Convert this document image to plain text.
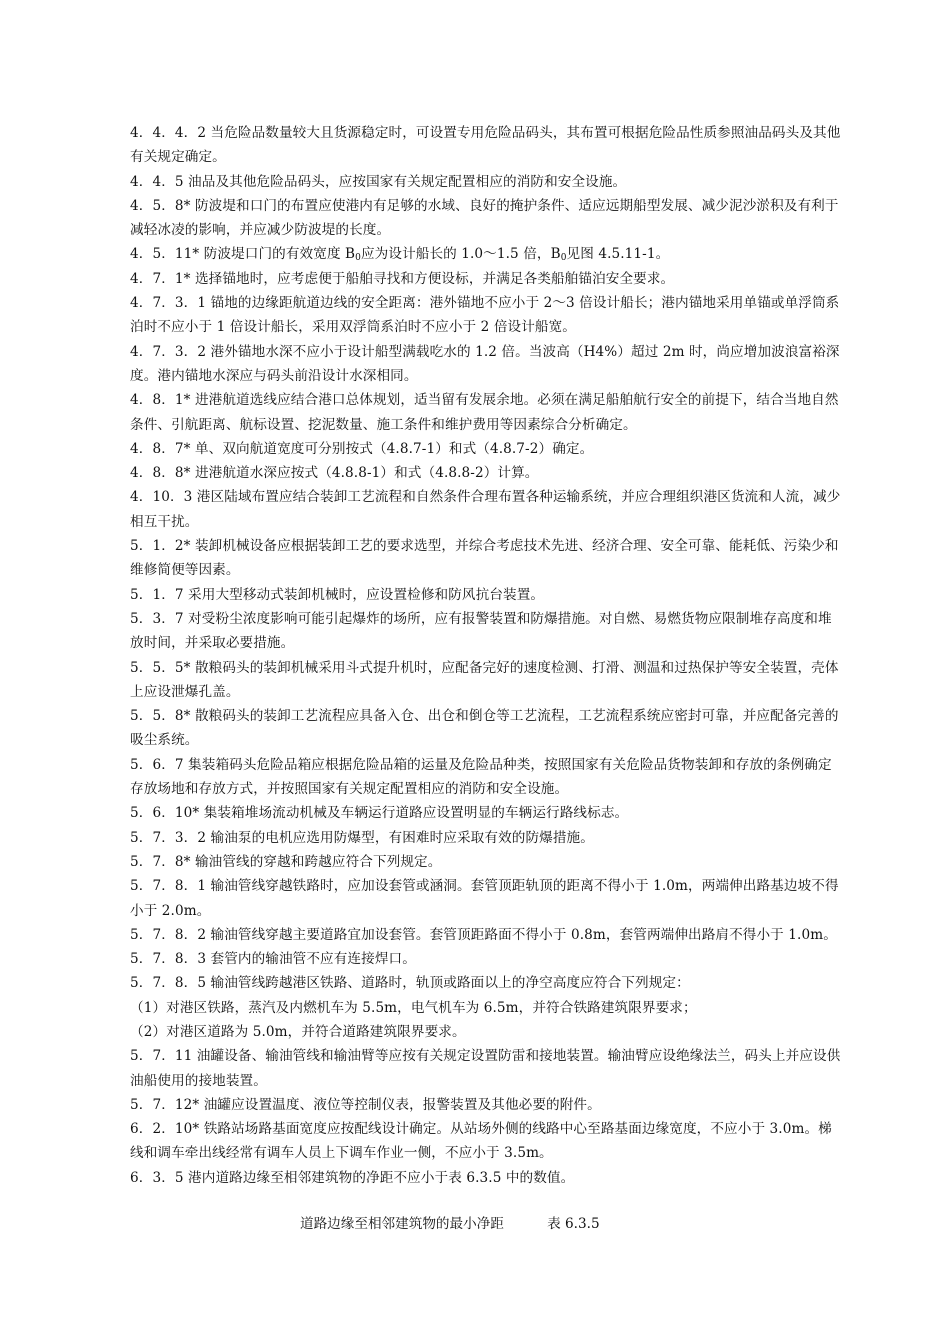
4．4．4．2 当危险品数量较大且货源稳定时，可设置专用危险品码头，其布置可根据危险品性质参照油品码头及其他有关规定确定。

4．4．5 油品及其他危险品码头，应按国家有关规定配置相应的消防和安全设施。

4．5．8* 防波堤和口门的布置应使港内有足够的水域、良好的掩护条件、适应远期船型发展、减少泥沙淤积及有利于减轻冰凌的影响，并应减少防波堤的长度。

4．5．11* 防波堤口门的有效宽度 $B_0$应为设计船长的 1.0～1.5 倍，$B_0$见图 4.5.11-1。

4．7．1* 选择锚地时，应考虑便于船舶寻找和方便设标，并满足各类船舶锚泊安全要求。

4．7．3．1 锚地的边缘距航道边线的安全距离：港外锚地不应小于 2～3 倍设计船长；港内锚地采用单锚或单浮筒系泊时不应小于 1 倍设计船长，采用双浮筒系泊时不应小于 2 倍设计船宽。

4．7．3．2 港外锚地水深不应小于设计船型满载吃水的 1.2 倍。当波高（H4%）超过 2m 时，尚应增加波浪富裕深度。港内锚地水深应与码头前沿设计水深相同。

4．8．1* 进港航道选线应结合港口总体规划，适当留有发展余地。必须在满足船舶航行安全的前提下，结合当地自然条件、引航距离、航标设置、挖泥数量、施工条件和维护费用等因素综合分析确定。

4．8．7* 单、双向航道宽度可分别按式（4.8.7-1）和式（4.8.7-2）确定。

4．8．8* 进港航道水深应按式（4.8.8-1）和式（4.8.8-2）计算。

4．10．3 港区陆域布置应结合装卸工艺流程和自然条件合理布置各种运输系统，并应合理组织港区货流和人流，减少相互干扰。

5．1．2* 装卸机械设备应根据装卸工艺的要求选型，并综合考虑技术先进、经济合理、安全可靠、能耗低、污染少和维修简便等因素。

5．1．7 采用大型移动式装卸机械时，应设置检修和防风抗台装置。

5．3．7 对受粉尘浓度影响可能引起爆炸的场所，应有报警装置和防爆措施。对自燃、易燃货物应限制堆存高度和堆放时间，并采取必要措施。

5．5．5* 散粮码头的装卸机械采用斗式提升机时，应配备完好的速度检测、打滑、测温和过热保护等安全装置，壳体上应设泄爆孔盖。

5．5．8* 散粮码头的装卸工艺流程应具备入仓、出仓和倒仓等工艺流程，工艺流程系统应密封可靠，并应配备完善的吸尘系统。

5．6．7 集装箱码头危险品箱应根据危险品箱的运量及危险品种类，按照国家有关危险品货物装卸和存放的条例确定存放场地和存放方式，并按照国家有关规定配置相应的消防和安全设施。

5．6．10* 集装箱堆场流动机械及车辆运行道路应设置明显的车辆运行路线标志。

5．7．3．2 输油泵的电机应选用防爆型，有困难时应采取有效的防爆措施。

5．7．8* 输油管线的穿越和跨越应符合下列规定。

5．7．8．1 输油管线穿越铁路时，应加设套管或涵洞。套管顶距轨顶的距离不得小于 1.0m，两端伸出路基边坡不得小于 2.0m。

5．7．8．2 输油管线穿越主要道路宜加设套管。套管顶距路面不得小于 0.8m，套管两端伸出路肩不得小于 1.0m。

5．7．8．3 套管内的输油管不应有连接焊口。

5．7．8．5 输油管线跨越港区铁路、道路时，轨顶或路面以上的净空高度应符合下列规定：

（1）对港区铁路，蒸汽及内燃机车为 5.5m，电气机车为 6.5m，并符合铁路建筑限界要求；

（2）对港区道路为 5.0m，并符合道路建筑限界要求。

5．7．11 油罐设备、输油管线和输油臂等应按有关规定设置防雷和接地装置。输油臂应设绝缘法兰，码头上并应设供油船使用的接地装置。

5．7．12* 油罐应设置温度、液位等控制仪表，报警装置及其他必要的附件。

6．2．10* 铁路站场路基面宽度应按配线设计确定。从站场外侧的线路中心至路基面边缘宽度，不应小于 3.0m。梯线和调车牵出线经常有调车人员上下调车作业一侧，不应小于 3.5m。

6．3．5 港内道路边缘至相邻建筑物的净距不应小于表 6.3.5 中的数值。

道路边缘至相邻建筑物的最小净距          表 6.3.5
